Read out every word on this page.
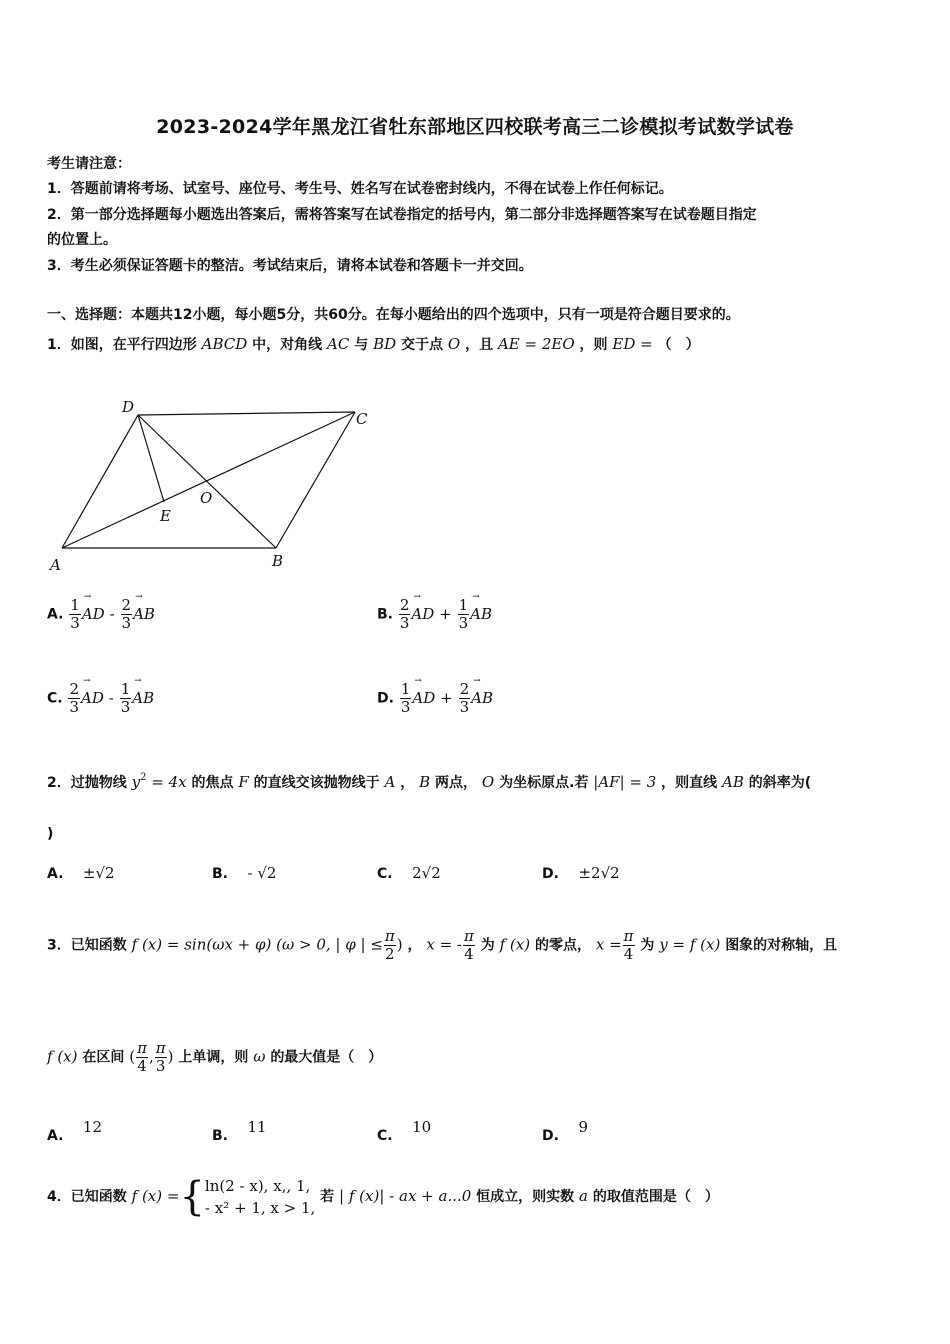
2023-2024学年黑龙江省牡东部地区四校联考高三二诊模拟考试数学试卷
考生请注意：
1．答题前请将考场、试室号、座位号、考生号、姓名写在试卷密封线内，不得在试卷上作任何标记。
2．第一部分选择题每小题选出答案后，需将答案写在试卷指定的括号内，第二部分非选择题答案写在试卷题目指定
的位置上。
3．考生必须保证答题卡的整洁。考试结束后，请将本试卷和答题卡一并交回。
一、选择题：本题共12小题，每小题5分，共60分。在每小题给出的四个选项中，只有一项是符合题目要求的。
1．如图，在平行四边形 ABCD 中，对角线 AC 与 BD 交于点 O ，且 AE = 2EO ，则 ED = （　）
A	B
C
D
E
O
A. $\frac{1}{3}$ → AD - $\frac{2}{3}$ → AB	B. $\frac{2}{3}$ → AD + $\frac{1}{3}$ → AB
C. $\frac{2}{3}$ → AD - $\frac{1}{3}$ → AB	D. $\frac{1}{3}$ → AD + $\frac{2}{3}$ → AB
2．过抛物线 $y^2 = 4x$ 的焦点 F 的直线交该抛物线于 A ， B 两点， O 为坐标原点.若 |AF| = 3 ，则直线 AB 的斜率为(
)
A. ±√2	B. - √2	C. 2√2	D. ±2√2
3．已知函数 f (x) = sin(ωx + φ) (ω > 0, | φ | ≤ $\frac{\pi}{2}$ ) ， x = - $\frac{\pi}{4}$ 为 f (x) 的零点， $x = \frac{\pi}{4}$ 为 y = f (x) 图象的对称轴，且
f (x) 在区间 ( $\frac{\pi}{4}$ , $\frac{\pi}{3}$ ) 上单调，则 ω 的最大值是（　）
A. 12	B. 11	C. 10	D. 9
4．已知函数 f (x) ={ ln(2 - x), x,, 1,
- x² + 1, x > 1,
若 | f (x)| - ax + a...0 恒成立，则实数 a 的取值范围是（　）
